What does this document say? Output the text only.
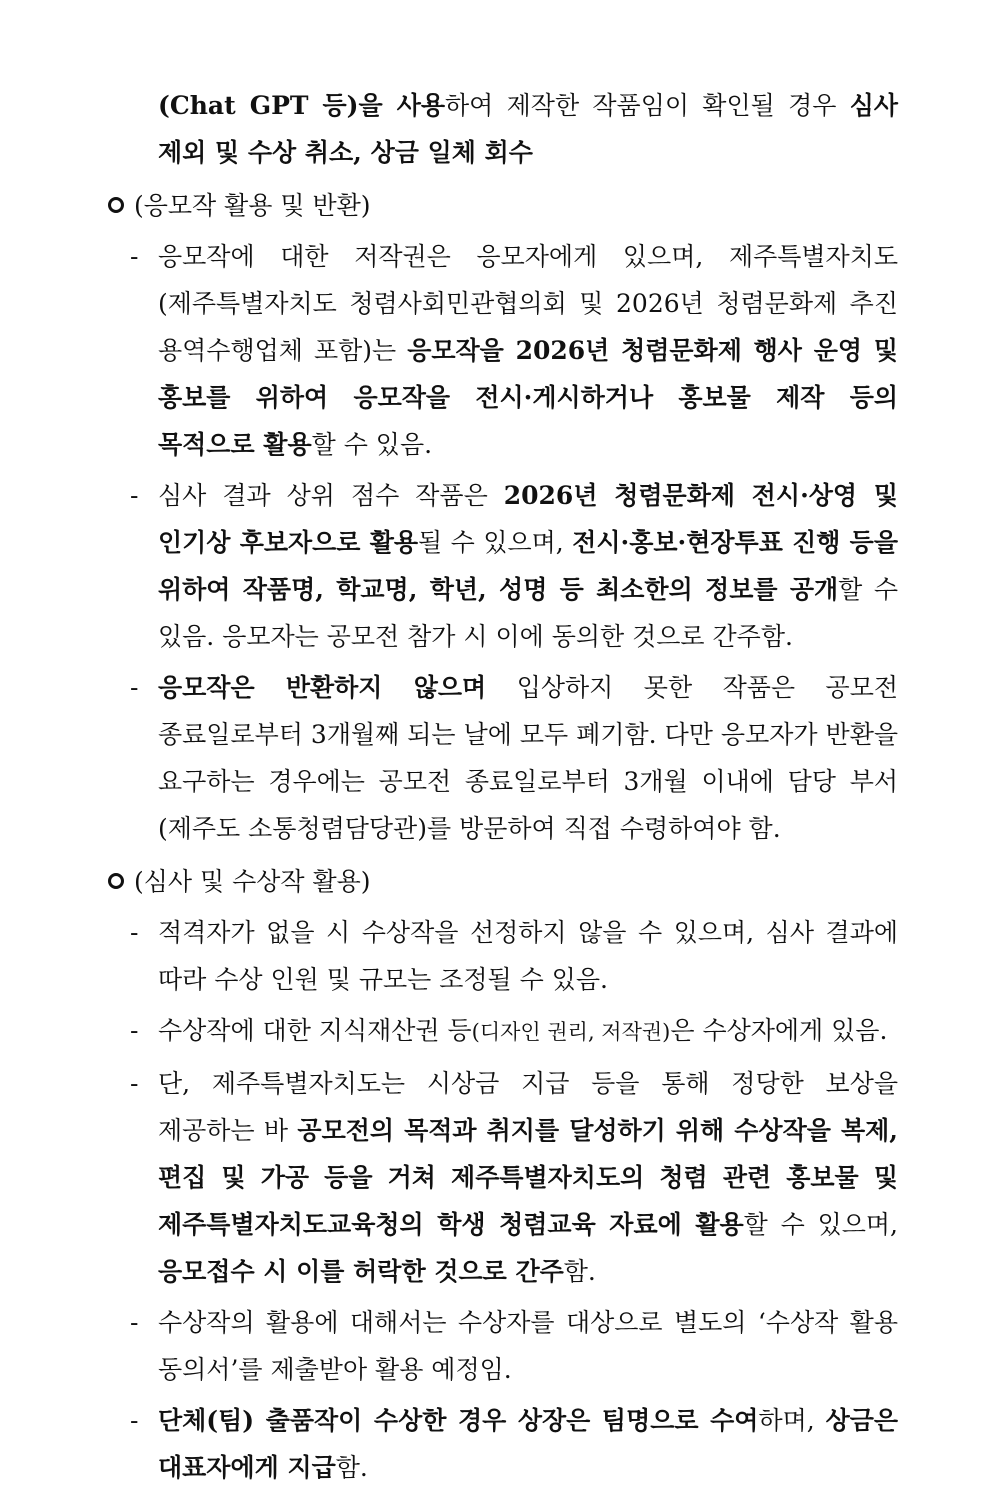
(Chat GPT 등)을 사용하여 제작한 작품임이 확인될 경우 심사 제외 및 수상 취소, 상금 일체 회수
(응모작 활용 및 반환)
- 응모작에 대한 저작권은 응모자에게 있으며, 제주특별자치도(제주특별자치도 청렴사회민관협의회 및 2026년 청렴문화제 추진 용역수행업체 포함)는 응모작을 2026년 청렴문화제 행사 운영 및 홍보를 위하여 응모작을 전시·게시하거나 홍보물 제작 등의 목적으로 활용할 수 있음.
- 심사 결과 상위 점수 작품은 2026년 청렴문화제 전시·상영 및 인기상 후보자으로 활용될 수 있으며, 전시·홍보·현장투표 진행 등을 위하여 작품명, 학교명, 학년, 성명 등 최소한의 정보를 공개할 수 있음. 응모자는 공모전 참가 시 이에 동의한 것으로 간주함.
- 응모작은 반환하지 않으며 입상하지 못한 작품은 공모전 종료일로부터 3개월째 되는 날에 모두 폐기함. 다만 응모자가 반환을 요구하는 경우에는 공모전 종료일로부터 3개월 이내에 담당 부서(제주도 소통청렴담당관)를 방문하여 직접 수령하여야 함.
(심사 및 수상작 활용)
- 적격자가 없을 시 수상작을 선정하지 않을 수 있으며, 심사 결과에 따라 수상 인원 및 규모는 조정될 수 있음.
- 수상작에 대한 지식재산권 등(디자인 권리, 저작권)은 수상자에게 있음.
- 단, 제주특별자치도는 시상금 지급 등을 통해 정당한 보상을 제공하는 바 공모전의 목적과 취지를 달성하기 위해 수상작을 복제, 편집 및 가공 등을 거쳐 제주특별자치도의 청렴 관련 홍보물 및 제주특별자치도교육청의 학생 청렴교육 자료에 활용할 수 있으며, 응모접수 시 이를 허락한 것으로 간주함.
- 수상작의 활용에 대해서는 수상자를 대상으로 별도의 ‘수상작 활용 동의서’를 제출받아 활용 예정임.
- 단체(팀) 출품작이 수상한 경우 상장은 팀명으로 수여하며, 상금은 대표자에게 지급함.
